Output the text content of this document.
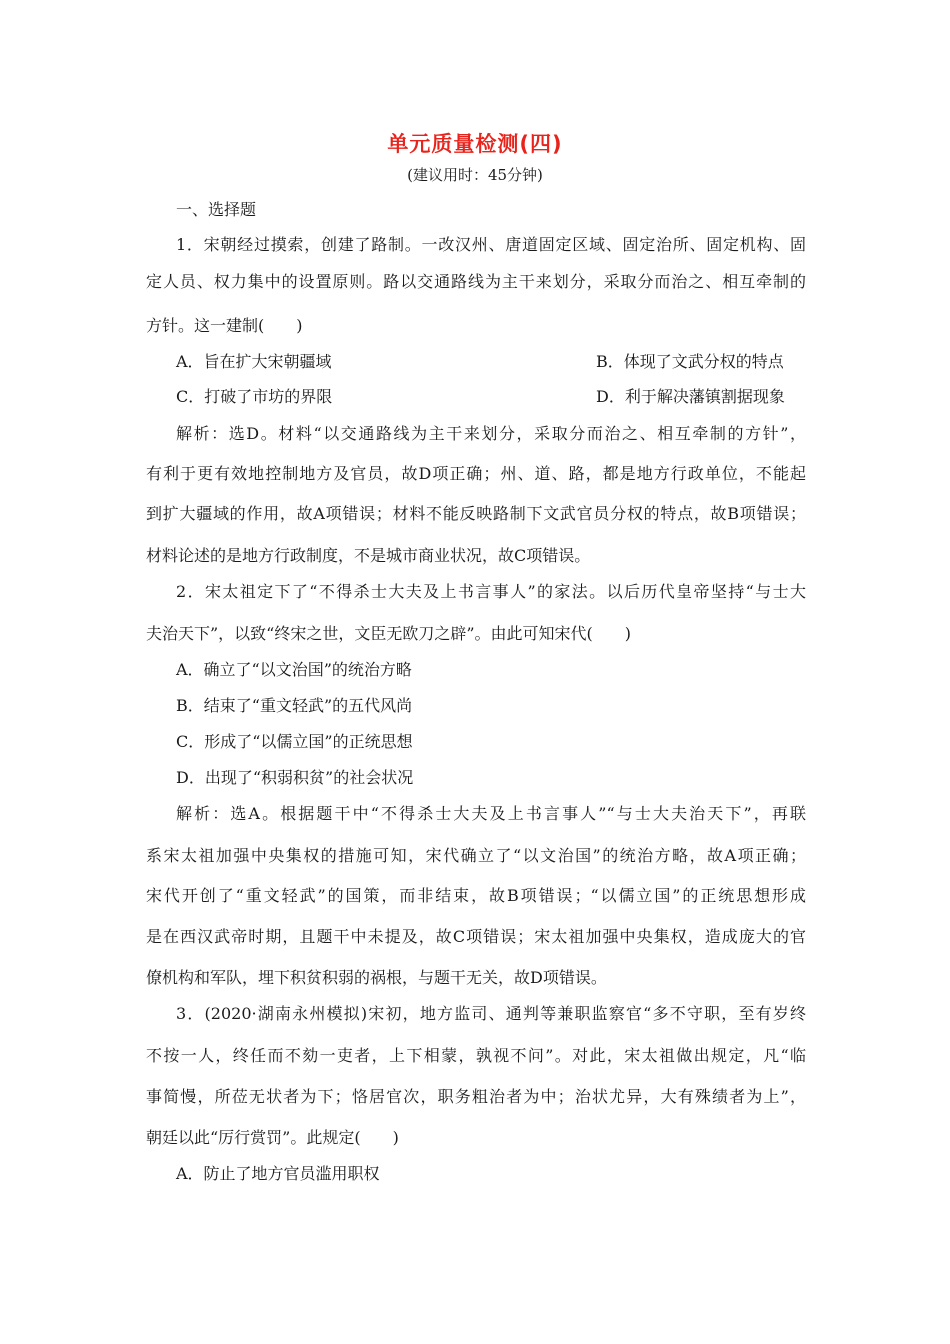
单元质量检测(四)
(建议用时：45分钟)
一、选择题
1．宋朝经过摸索，创建了路制。一改汉州、唐道固定区域、固定治所、固定机构、固
定人员、权力集中的设置原则。路以交通路线为主干来划分，采取分而治之、相互牵制的
方针。这一建制(　　)
A．旨在扩大宋朝疆域	B．体现了文武分权的特点
C．打破了市坊的界限	D．利于解决藩镇割据现象
解析：选D。材料“以交通路线为主干来划分，采取分而治之、相互牵制的方针”，
有利于更有效地控制地方及官员，故D项正确；州、道、路，都是地方行政单位，不能起
到扩大疆域的作用，故A项错误；材料不能反映路制下文武官员分权的特点，故B项错误；
材料论述的是地方行政制度，不是城市商业状况，故C项错误。
2．宋太祖定下了“不得杀士大夫及上书言事人”的家法。以后历代皇帝坚持“与士大
夫治天下”，以致“终宋之世，文臣无欧刀之辟”。由此可知宋代(　　)
A．确立了“以文治国”的统治方略
B．结束了“重文轻武”的五代风尚
C．形成了“以儒立国”的正统思想
D．出现了“积弱积贫”的社会状况
解析：选A。根据题干中“不得杀士大夫及上书言事人”“与士大夫治天下”，再联
系宋太祖加强中央集权的措施可知，宋代确立了“以文治国”的统治方略，故A项正确；
宋代开创了“重文轻武”的国策，而非结束，故B项错误；“以儒立国”的正统思想形成
是在西汉武帝时期，且题干中未提及，故C项错误；宋太祖加强中央集权，造成庞大的官
僚机构和军队，埋下积贫积弱的祸根，与题干无关，故D项错误。
3．(2020·湖南永州模拟)宋初，地方监司、通判等兼职监察官“多不守职，至有岁终
不按一人，终任而不劾一吏者，上下相蒙，孰视不问”。对此，宋太祖做出规定，凡“临
事简慢，所莅无状者为下；恪居官次，职务粗治者为中；治状尤异，大有殊绩者为上”，
朝廷以此“厉行赏罚”。此规定(　　)
A．防止了地方官员滥用职权
